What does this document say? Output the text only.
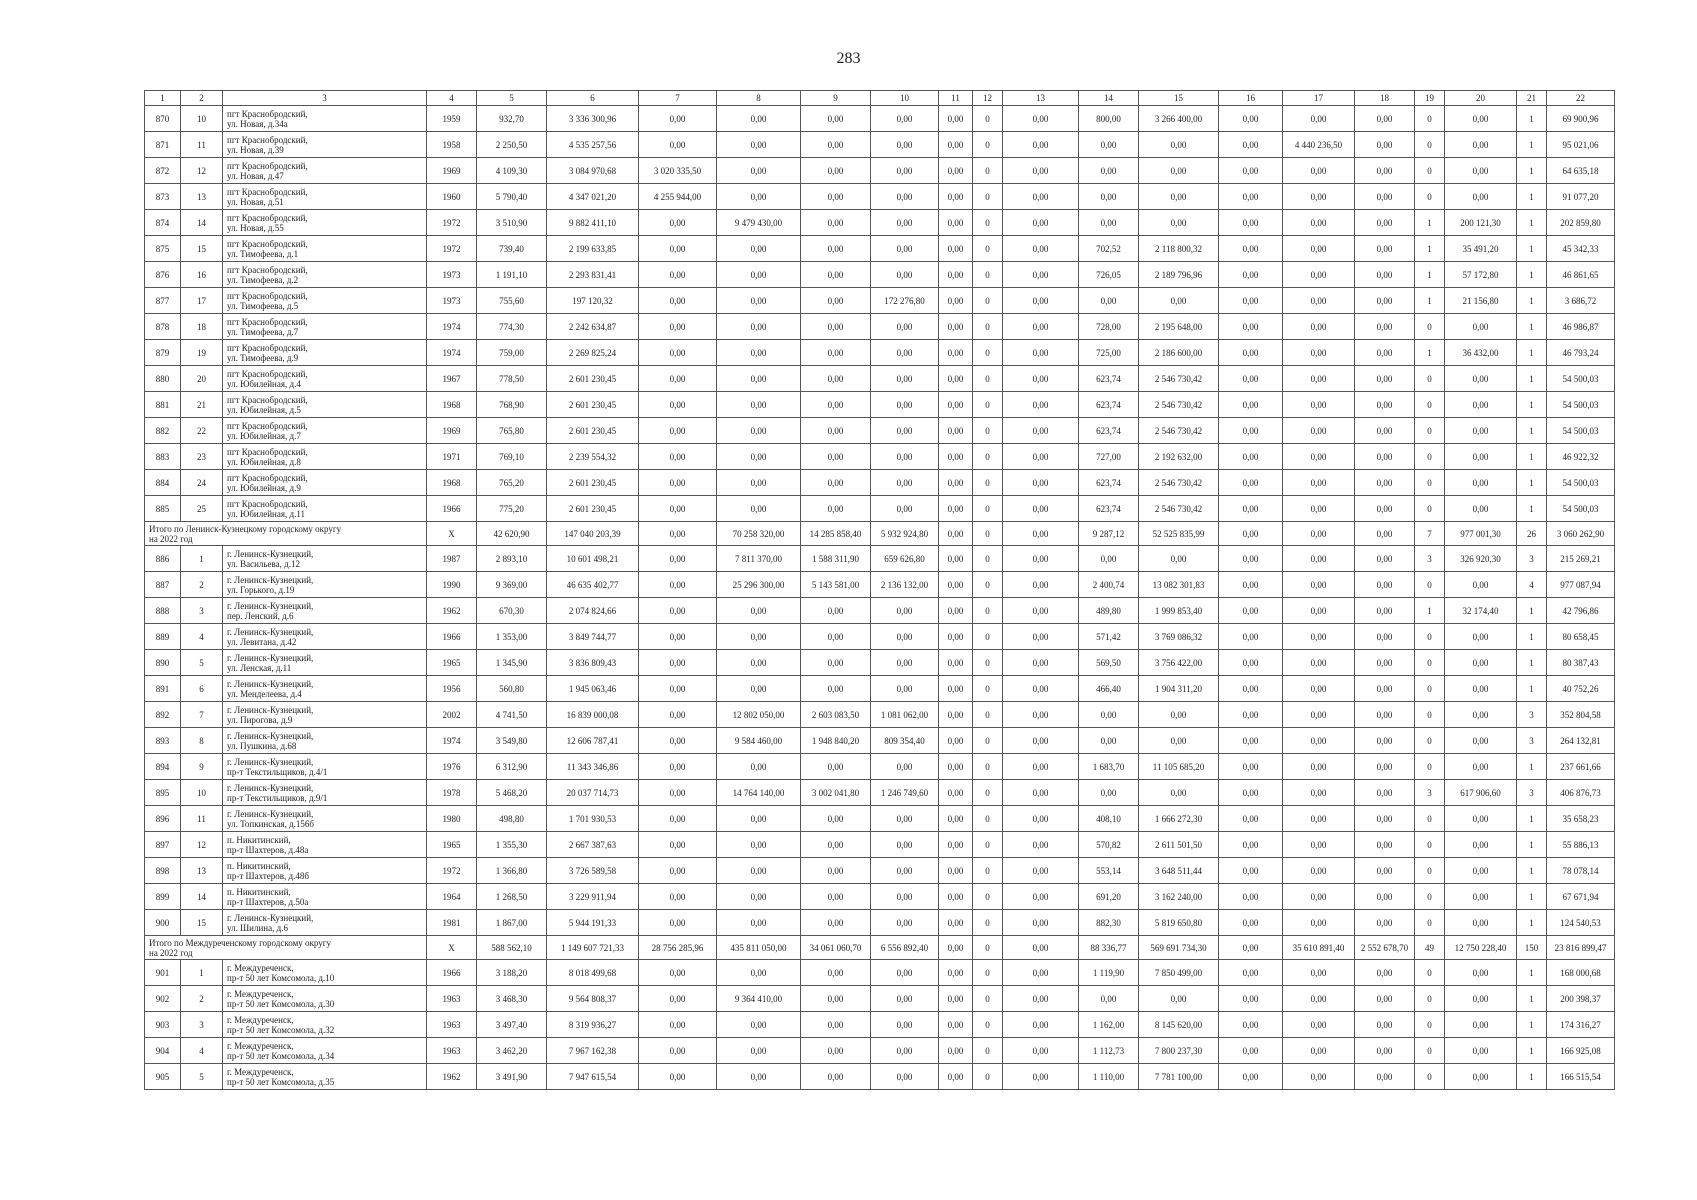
283
1	2	3	4	5	6	7	8	9	10	11	12	13	14	15	16	17	18	19	20	21	22
870	10	пгт Краснобродский,
ул. Новая, д.34а	1959	932,70	3 336 300,96	0,00	0,00	0,00	0,00	0,00	0	0,00	800,00	3 266 400,00	0,00	0,00	0,00	0	0,00	1	69 900,96
871	11	пгт Краснобродский,
ул. Новая, д.39	1958	2 250,50	4 535 257,56	0,00	0,00	0,00	0,00	0,00	0	0,00	0,00	0,00	0,00	4 440 236,50	0,00	0	0,00	1	95 021,06
872	12	пгт Краснобродский,
ул. Новая, д.47	1969	4 109,30	3 084 970,68	3 020 335,50	0,00	0,00	0,00	0,00	0	0,00	0,00	0,00	0,00	0,00	0,00	0	0,00	1	64 635,18
873	13	пгт Краснобродский,
ул. Новая, д.51	1960	5 790,40	4 347 021,20	4 255 944,00	0,00	0,00	0,00	0,00	0	0,00	0,00	0,00	0,00	0,00	0,00	0	0,00	1	91 077,20
874	14	пгт Краснобродский,
ул. Новая, д.55	1972	3 510,90	9 882 411,10	0,00	9 479 430,00	0,00	0,00	0,00	0	0,00	0,00	0,00	0,00	0,00	0,00	1	200 121,30	1	202 859,80
875	15	пгт Краснобродский,
ул. Тимофеева, д.1	1972	739,40	2 199 633,85	0,00	0,00	0,00	0,00	0,00	0	0,00	702,52	2 118 800,32	0,00	0,00	0,00	1	35 491,20	1	45 342,33
876	16	пгт Краснобродский,
ул. Тимофеева, д.2	1973	1 191,10	2 293 831,41	0,00	0,00	0,00	0,00	0,00	0	0,00	726,05	2 189 796,96	0,00	0,00	0,00	1	57 172,80	1	46 861,65
877	17	пгт Краснобродский,
ул. Тимофеева, д.5	1973	755,60	197 120,32	0,00	0,00	0,00	172 276,80	0,00	0	0,00	0,00	0,00	0,00	0,00	0,00	1	21 156,80	1	3 686,72
878	18	пгт Краснобродский,
ул. Тимофеева, д.7	1974	774,30	2 242 634,87	0,00	0,00	0,00	0,00	0,00	0	0,00	728,00	2 195 648,00	0,00	0,00	0,00	0	0,00	1	46 986,87
879	19	пгт Краснобродский,
ул. Тимофеева, д.9	1974	759,00	2 269 825,24	0,00	0,00	0,00	0,00	0,00	0	0,00	725,00	2 186 600,00	0,00	0,00	0,00	1	36 432,00	1	46 793,24
880	20	пгт Краснобродский,
ул. Юбилейная, д.4	1967	778,50	2 601 230,45	0,00	0,00	0,00	0,00	0,00	0	0,00	623,74	2 546 730,42	0,00	0,00	0,00	0	0,00	1	54 500,03
881	21	пгт Краснобродский,
ул. Юбилейная, д.5	1968	768,90	2 601 230,45	0,00	0,00	0,00	0,00	0,00	0	0,00	623,74	2 546 730,42	0,00	0,00	0,00	0	0,00	1	54 500,03
882	22	пгт Краснобродский,
ул. Юбилейная, д.7	1969	765,80	2 601 230,45	0,00	0,00	0,00	0,00	0,00	0	0,00	623,74	2 546 730,42	0,00	0,00	0,00	0	0,00	1	54 500,03
883	23	пгт Краснобродский,
ул. Юбилейная, д.8	1971	769,10	2 239 554,32	0,00	0,00	0,00	0,00	0,00	0	0,00	727,00	2 192 632,00	0,00	0,00	0,00	0	0,00	1	46 922,32
884	24	пгт Краснобродский,
ул. Юбилейная, д.9	1968	765,20	2 601 230,45	0,00	0,00	0,00	0,00	0,00	0	0,00	623,74	2 546 730,42	0,00	0,00	0,00	0	0,00	1	54 500,03
885	25	пгт Краснобродский,
ул. Юбилейная, д.11	1966	775,20	2 601 230,45	0,00	0,00	0,00	0,00	0,00	0	0,00	623,74	2 546 730,42	0,00	0,00	0,00	0	0,00	1	54 500,03

Итого по Ленинск-Кузнецкому городскому округу
на 2022 год			X	42 620,90	147 040 203,39	0,00	70 258 320,00	14 285 858,40	5 932 924,80	0,00	0	0,00	9 287,12	52 525 835,99	0,00	0,00	0,00	7	977 001,30	26	3 060 262,90
886	1	г. Ленинск-Кузнецкий,
ул. Васильева, д.12	1987	2 893,10	10 601 498,21	0,00	7 811 370,00	1 588 311,90	659 626,80	0,00	0	0,00	0,00	0,00	0,00	0,00	0,00	3	326 920,30	3	215 269,21
887	2	г. Ленинск-Кузнецкий,
ул. Горького, д.19	1990	9 369,00	46 635 402,77	0,00	25 296 300,00	5 143 581,00	2 136 132,00	0,00	0	0,00	2 400,74	13 082 301,83	0,00	0,00	0,00	0	0,00	4	977 087,94
888	3	г. Ленинск-Кузнецкий,
пер. Ленский, д.6	1962	670,30	2 074 824,66	0,00	0,00	0,00	0,00	0,00	0	0,00	489,80	1 999 853,40	0,00	0,00	0,00	1	32 174,40	1	42 796,86
889	4	г. Ленинск-Кузнецкий,
ул. Левитана, д.42	1966	1 353,00	3 849 744,77	0,00	0,00	0,00	0,00	0,00	0	0,00	571,42	3 769 086,32	0,00	0,00	0,00	0	0,00	1	80 658,45
890	5	г. Ленинск-Кузнецкий,
ул. Ленская, д.11	1965	1 345,90	3 836 809,43	0,00	0,00	0,00	0,00	0,00	0	0,00	569,50	3 756 422,00	0,00	0,00	0,00	0	0,00	1	80 387,43
891	6	г. Ленинск-Кузнецкий,
ул. Менделеева, д.4	1956	560,80	1 945 063,46	0,00	0,00	0,00	0,00	0,00	0	0,00	466,40	1 904 311,20	0,00	0,00	0,00	0	0,00	1	40 752,26
892	7	г. Ленинск-Кузнецкий,
ул. Пирогова, д.9	2002	4 741,50	16 839 000,08	0,00	12 802 050,00	2 603 083,50	1 081 062,00	0,00	0	0,00	0,00	0,00	0,00	0,00	0,00	0	0,00	3	352 804,58
893	8	г. Ленинск-Кузнецкий,
ул. Пушкина, д.68	1974	3 549,80	12 606 787,41	0,00	9 584 460,00	1 948 840,20	809 354,40	0,00	0	0,00	0,00	0,00	0,00	0,00	0,00	0	0,00	3	264 132,81
894	9	г. Ленинск-Кузнецкий,
пр-т Текстильщиков, д.4/1	1976	6 312,90	11 343 346,86	0,00	0,00	0,00	0,00	0,00	0	0,00	1 683,70	11 105 685,20	0,00	0,00	0,00	0	0,00	1	237 661,66
895	10	г. Ленинск-Кузнецкий,
пр-т Текстильщиков, д.9/1	1978	5 468,20	20 037 714,73	0,00	14 764 140,00	3 002 041,80	1 246 749,60	0,00	0	0,00	0,00	0,00	0,00	0,00	0,00	3	617 906,60	3	406 876,73
896	11	г. Ленинск-Кузнецкий,
ул. Топкинская, д.156б	1980	498,80	1 701 930,53	0,00	0,00	0,00	0,00	0,00	0	0,00	408,10	1 666 272,30	0,00	0,00	0,00	0	0,00	1	35 658,23
897	12	п. Никитинский,
пр-т Шахтеров, д.48а	1965	1 355,30	2 667 387,63	0,00	0,00	0,00	0,00	0,00	0	0,00	570,82	2 611 501,50	0,00	0,00	0,00	0	0,00	1	55 886,13
898	13	п. Никитинский,
пр-т Шахтеров, д.48б	1972	1 366,80	3 726 589,58	0,00	0,00	0,00	0,00	0,00	0	0,00	553,14	3 648 511,44	0,00	0,00	0,00	0	0,00	1	78 078,14
899	14	п. Никитинский,
пр-т Шахтеров, д.50а	1964	1 268,50	3 229 911,94	0,00	0,00	0,00	0,00	0,00	0	0,00	691,20	3 162 240,00	0,00	0,00	0,00	0	0,00	1	67 671,94
900	15	г. Ленинск-Кузнецкий,
ул. Шилина, д.6	1981	1 867,00	5 944 191,33	0,00	0,00	0,00	0,00	0,00	0	0,00	882,30	5 819 650,80	0,00	0,00	0,00	0	0,00	1	124 540,53

Итого по Междуреченскому городскому округу
на 2022 год			X	588 562,10	1 149 607 721,33	28 756 285,96	435 811 050,00	34 061 060,70	6 556 892,40	0,00	0	0,00	88 336,77	569 691 734,30	0,00	35 610 891,40	2 552 678,70	49	12 750 228,40	150	23 816 899,47
901	1	г. Междуреченск,
пр-т 50 лет Комсомола, д.10	1966	3 188,20	8 018 499,68	0,00	0,00	0,00	0,00	0,00	0	0,00	1 119,90	7 850 499,00	0,00	0,00	0,00	0	0,00	1	168 000,68
902	2	г. Междуреченск,
пр-т 50 лет Комсомола, д.30	1963	3 468,30	9 564 808,37	0,00	9 364 410,00	0,00	0,00	0,00	0	0,00	0,00	0,00	0,00	0,00	0,00	0	0,00	1	200 398,37
903	3	г. Междуреченск,
пр-т 50 лет Комсомола, д.32	1963	3 497,40	8 319 936,27	0,00	0,00	0,00	0,00	0,00	0	0,00	1 162,00	8 145 620,00	0,00	0,00	0,00	0	0,00	1	174 316,27
904	4	г. Междуреченск,
пр-т 50 лет Комсомола, д.34	1963	3 462,20	7 967 162,38	0,00	0,00	0,00	0,00	0,00	0	0,00	1 112,73	7 800 237,30	0,00	0,00	0,00	0	0,00	1	166 925,08
905	5	г. Междуреченск,
пр-т 50 лет Комсомола, д.35	1962	3 491,90	7 947 615,54	0,00	0,00	0,00	0,00	0,00	0	0,00	1 110,00	7 781 100,00	0,00	0,00	0,00	0	0,00	1	166 515,54
